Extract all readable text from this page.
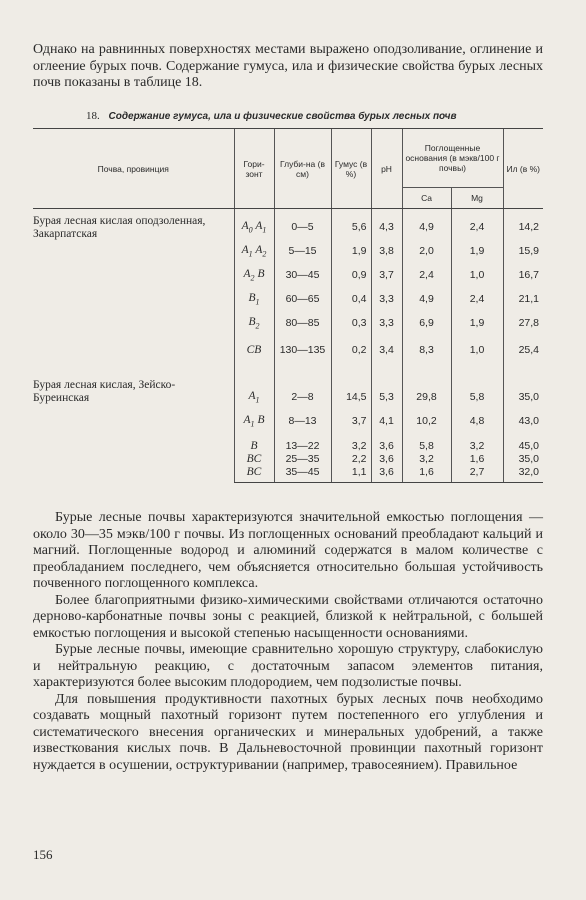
Однако на равнинных поверхностях местами выражено оподзоливание, оглинение и оглеение бурых почв. Содержание гумуса, ила и физические свойства бурых лесных почв показаны в таблице 18.

18. Содержание гумуса, ила и физические свойства бурых лесных почв
Почва, провинция	Гори-зонт	Глуби-на (в см)	Гумус (в %)	pH	Поглощенные основания (в мэкв/100 г почвы)		Ил (в %)
					Ca	Mg	
Бурая лесная кислая оподзоленная, Закарпатская	$A_0$ $A_1$	0—5	5,6	4,3	4,9	2,4	14,2
	$A_1$ $A_2$	5—15	1,9	3,8	2,0	1,9	15,9
	$A_2$ B	30—45	0,9	3,7	2,4	1,0	16,7
	$B_1$	60—65	0,4	3,3	4,9	2,4	21,1
	$B_2$	80—85	0,3	3,3	6,9	1,9	27,8
	CB	130—135	0,2	3,4	8,3	1,0	25,4
Бурая лесная кислая, Зейско-Буреинская	$A_1$	2—8	14,5	5,3	29,8	5,8	35,0
	$A_1$ B	8—13	3,7	4,1	10,2	4,8	43,0
	B	13—22	3,2	3,6	5,8	3,2	45,0
	BC	25—35	2,2	3,6	3,2	1,6	35,0
	BC	35—45	1,1	3,6	1,6	2,7	32,0

Бурые лесные почвы характеризуются значительной емкостью поглощения — около 30—35 мэкв/100 г почвы. Из поглощенных оснований преобладают кальций и магний. Поглощенные водород и алюминий содержатся в малом количестве с преобладанием последнего, чем объясняется относительно большая устойчивость почвенного поглощенного комплекса.

Более благоприятными физико-химическими свойствами отличаются остаточно дерново-карбонатные почвы зоны с реакцией, близкой к нейтральной, с большей емкостью поглощения и высокой степенью насыщенности основаниями.

Бурые лесные почвы, имеющие сравнительно хорошую структуру, слабокислую и нейтральную реакцию, с достаточным запасом элементов питания, характеризуются более высоким плодородием, чем подзолистые почвы.

Для повышения продуктивности пахотных бурых лесных почв необходимо создавать мощный пахотный горизонт путем постепенного его углубления и систематического внесения органических и минеральных удобрений, а также известкования кислых почв. В Дальневосточной провинции пахотный горизонт нуждается в осушении, оструктуривании (например, травосеянием). Правильное

156
